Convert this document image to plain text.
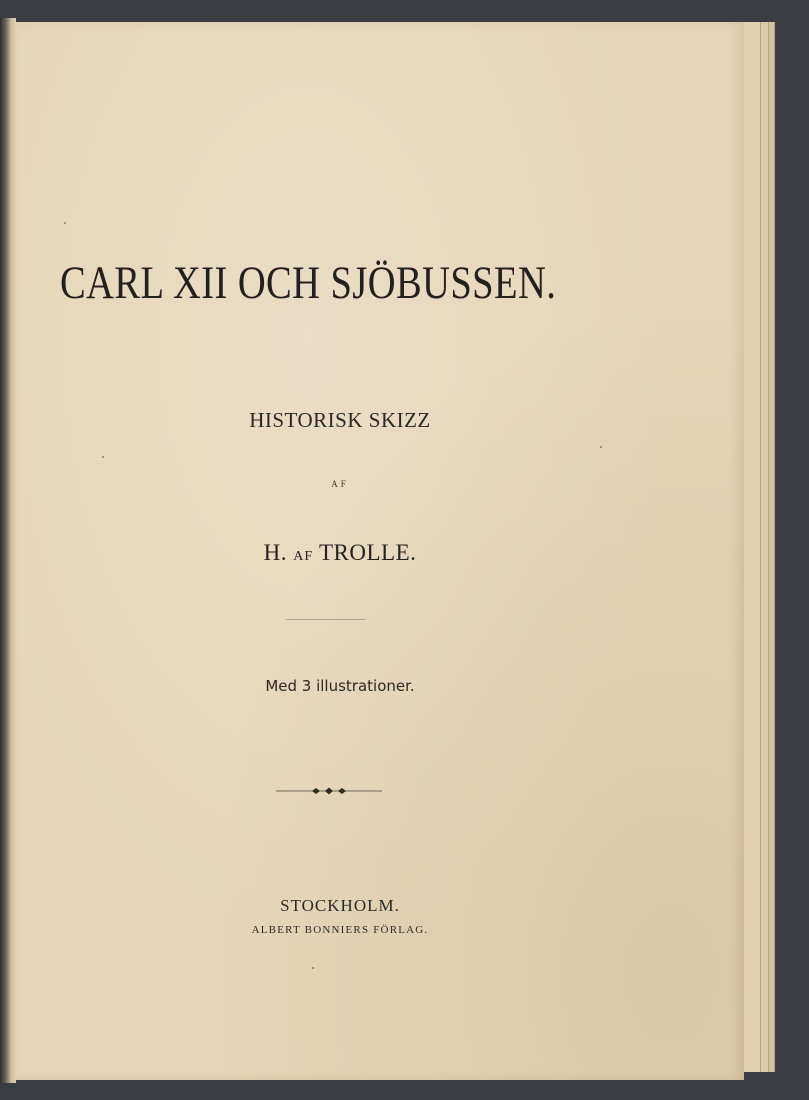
CARL XII OCH SJÖBUSSEN.
HISTORISK SKIZZ
AF
H. AF TROLLE.
Med 3 illustrationer.
STOCKHOLM.
ALBERT BONNIERS FÖRLAG.
